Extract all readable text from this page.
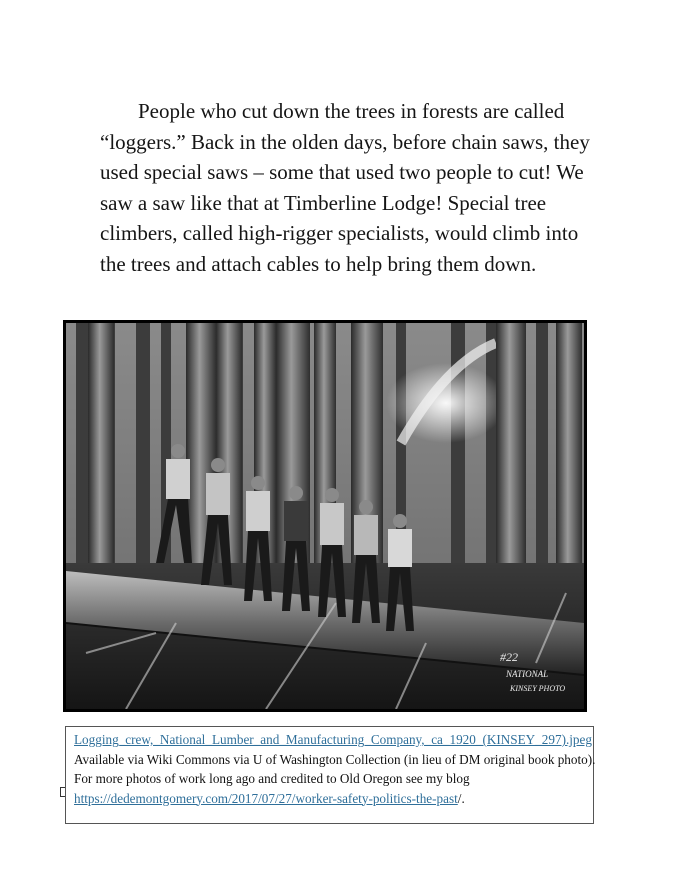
People who cut down the trees in forests are called
“loggers.” Back in the olden days, before chain saws, they
used special saws – some that used two people to cut! We
saw a saw like that at Timberline Lodge! Special tree
climbers, called high-rigger specialists, would climb into
the trees and attach cables to help bring them down.

#22
NATIONAL
KINSEY PHOTO
Logging_crew,_National_Lumber_and_Manufacturing_Company,_ca_1920_(KINSEY_297).jpeg
Available via Wiki Commons via U of Washington Collection (in lieu of DM original book photo).
For more photos of work long ago and credited to Old Oregon see my blog
https://dedemontgomery.com/2017/07/27/worker-safety-politics-the-past/.
